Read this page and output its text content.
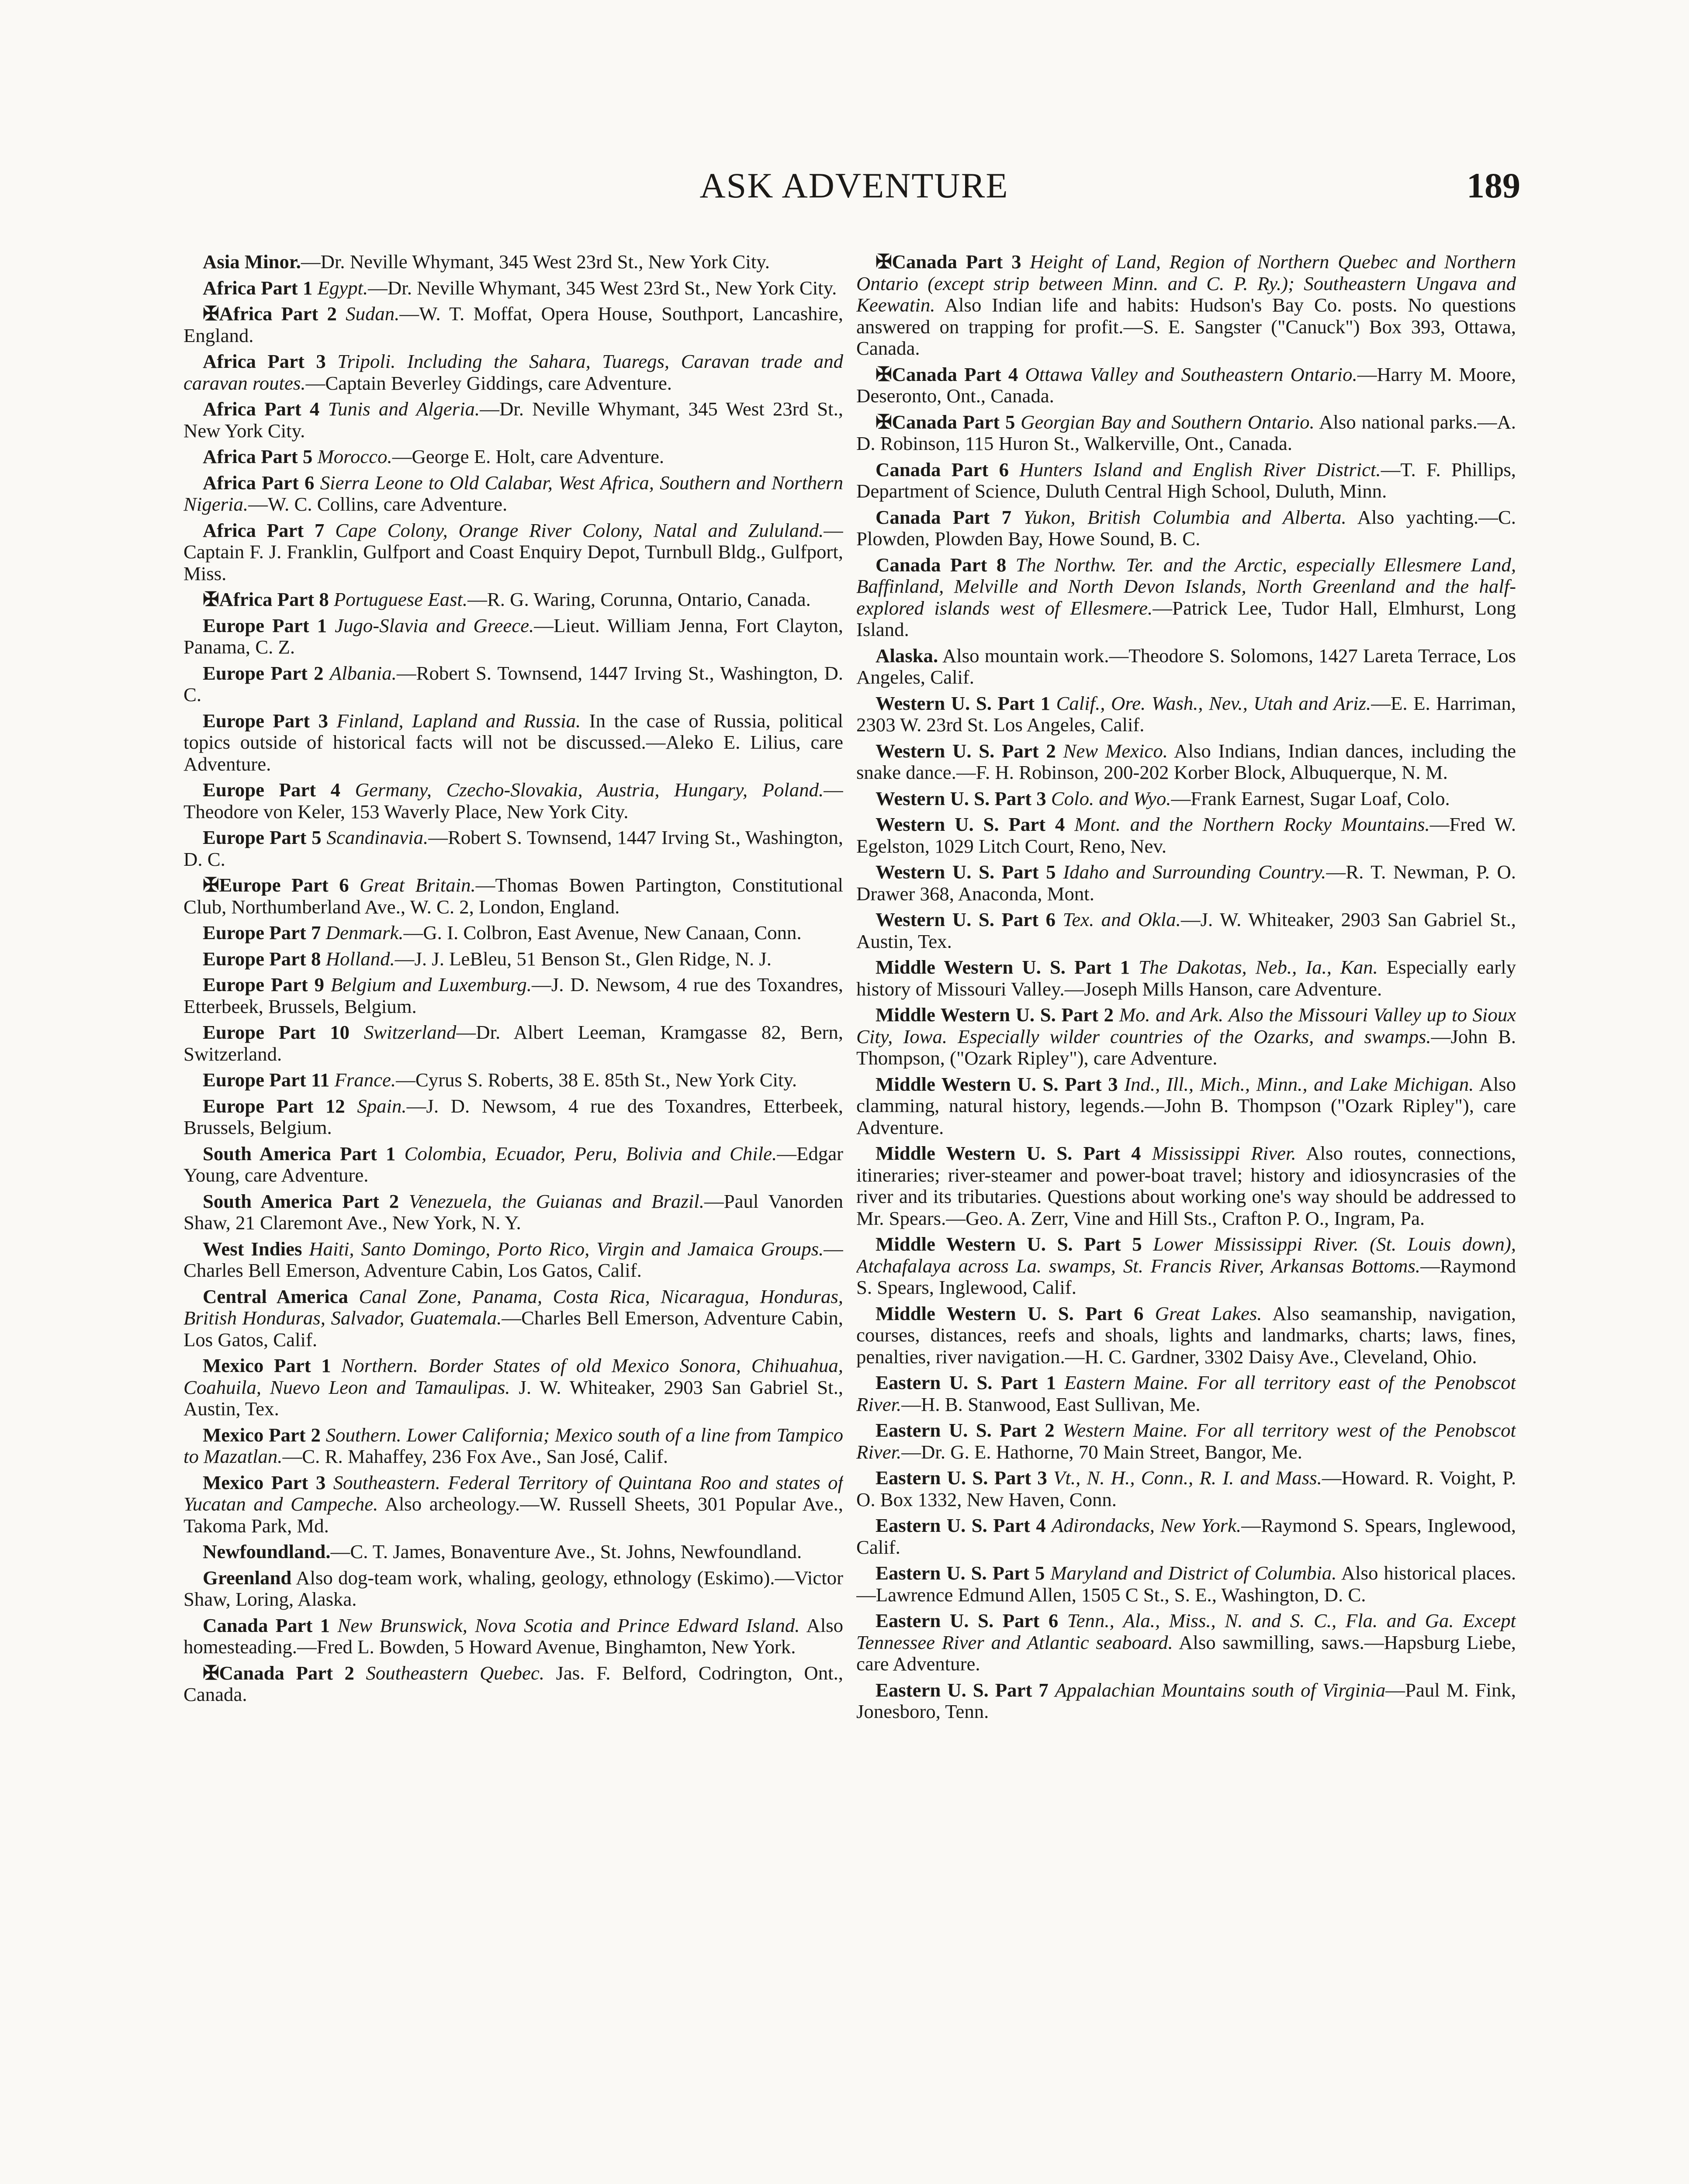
ASK ADVENTURE	189

Asia Minor.—Dr. Neville Whymant, 345 West 23rd St., New York City.

Africa Part 1 Egypt.—Dr. Neville Whymant, 345 West 23rd St., New York City.

✠Africa Part 2 Sudan.—W. T. Moffat, Opera House, Southport, Lancashire, England.

Africa Part 3 Tripoli. Including the Sahara, Tuaregs, Caravan trade and caravan routes.—Captain Beverley Giddings, care Adventure.

Africa Part 4 Tunis and Algeria.—Dr. Neville Whymant, 345 West 23rd St., New York City.

Africa Part 5 Morocco.—George E. Holt, care Adventure.

Africa Part 6 Sierra Leone to Old Calabar, West Africa, Southern and Northern Nigeria.—W. C. Collins, care Adventure.

Africa Part 7 Cape Colony, Orange River Colony, Natal and Zululand.—Captain F. J. Franklin, Gulfport and Coast Enquiry Depot, Turnbull Bldg., Gulfport, Miss.

✠Africa Part 8 Portuguese East.—R. G. Waring, Corunna, Ontario, Canada.

Europe Part 1 Jugo-Slavia and Greece.—Lieut. William Jenna, Fort Clayton, Panama, C. Z.

Europe Part 2 Albania.—Robert S. Townsend, 1447 Irving St., Washington, D. C.

Europe Part 3 Finland, Lapland and Russia. In the case of Russia, political topics outside of historical facts will not be discussed.—Aleko E. Lilius, care Adventure.

Europe Part 4 Germany, Czecho-Slovakia, Austria, Hungary, Poland.—Theodore von Keler, 153 Waverly Place, New York City.

Europe Part 5 Scandinavia.—Robert S. Townsend, 1447 Irving St., Washington, D. C.

✠Europe Part 6 Great Britain.—Thomas Bowen Partington, Constitutional Club, Northumberland Ave., W. C. 2, London, England.

Europe Part 7 Denmark.—G. I. Colbron, East Avenue, New Canaan, Conn.

Europe Part 8 Holland.—J. J. LeBleu, 51 Benson St., Glen Ridge, N. J.

Europe Part 9 Belgium and Luxemburg.—J. D. Newsom, 4 rue des Toxandres, Etterbeek, Brussels, Belgium.

Europe Part 10 Switzerland—Dr. Albert Leeman, Kramgasse 82, Bern, Switzerland.

Europe Part 11 France.—Cyrus S. Roberts, 38 E. 85th St., New York City.

Europe Part 12 Spain.—J. D. Newsom, 4 rue des Toxandres, Etterbeek, Brussels, Belgium.

South America Part 1 Colombia, Ecuador, Peru, Bolivia and Chile.—Edgar Young, care Adventure.

South America Part 2 Venezuela, the Guianas and Brazil.—Paul Vanorden Shaw, 21 Claremont Ave., New York, N. Y.

West Indies Haiti, Santo Domingo, Porto Rico, Virgin and Jamaica Groups.—Charles Bell Emerson, Adventure Cabin, Los Gatos, Calif.

Central America Canal Zone, Panama, Costa Rica, Nicaragua, Honduras, British Honduras, Salvador, Guatemala.—Charles Bell Emerson, Adventure Cabin, Los Gatos, Calif.

Mexico Part 1 Northern. Border States of old Mexico Sonora, Chihuahua, Coahuila, Nuevo Leon and Tamaulipas. J. W. Whiteaker, 2903 San Gabriel St., Austin, Tex.

Mexico Part 2 Southern. Lower California; Mexico south of a line from Tampico to Mazatlan.—C. R. Mahaffey, 236 Fox Ave., San José, Calif.

Mexico Part 3 Southeastern. Federal Territory of Quintana Roo and states of Yucatan and Campeche. Also archeology.—W. Russell Sheets, 301 Popular Ave., Takoma Park, Md.

Newfoundland.—C. T. James, Bonaventure Ave., St. Johns, Newfoundland.

Greenland Also dog-team work, whaling, geology, ethnology (Eskimo).—Victor Shaw, Loring, Alaska.

Canada Part 1 New Brunswick, Nova Scotia and Prince Edward Island. Also homesteading.—Fred L. Bowden, 5 Howard Avenue, Binghamton, New York.

✠Canada Part 2 Southeastern Quebec. Jas. F. Belford, Codrington, Ont., Canada.

✠Canada Part 3 Height of Land, Region of Northern Quebec and Northern Ontario (except strip between Minn. and C. P. Ry.); Southeastern Ungava and Keewatin. Also Indian life and habits: Hudson's Bay Co. posts. No questions answered on trapping for profit.—S. E. Sangster ("Canuck") Box 393, Ottawa, Canada.

✠Canada Part 4 Ottawa Valley and Southeastern Ontario.—Harry M. Moore, Deseronto, Ont., Canada.

✠Canada Part 5 Georgian Bay and Southern Ontario. Also national parks.—A. D. Robinson, 115 Huron St., Walkerville, Ont., Canada.

Canada Part 6 Hunters Island and English River District.—T. F. Phillips, Department of Science, Duluth Central High School, Duluth, Minn.

Canada Part 7 Yukon, British Columbia and Alberta. Also yachting.—C. Plowden, Plowden Bay, Howe Sound, B. C.

Canada Part 8 The Northw. Ter. and the Arctic, especially Ellesmere Land, Baffinland, Melville and North Devon Islands, North Greenland and the half-explored islands west of Ellesmere.—Patrick Lee, Tudor Hall, Elmhurst, Long Island.

Alaska. Also mountain work.—Theodore S. Solomons, 1427 Lareta Terrace, Los Angeles, Calif.

Western U. S. Part 1 Calif., Ore. Wash., Nev., Utah and Ariz.—E. E. Harriman, 2303 W. 23rd St. Los Angeles, Calif.

Western U. S. Part 2 New Mexico. Also Indians, Indian dances, including the snake dance.—F. H. Robinson, 200-202 Korber Block, Albuquerque, N. M.

Western U. S. Part 3 Colo. and Wyo.—Frank Earnest, Sugar Loaf, Colo.

Western U. S. Part 4 Mont. and the Northern Rocky Mountains.—Fred W. Egelston, 1029 Litch Court, Reno, Nev.

Western U. S. Part 5 Idaho and Surrounding Country.—R. T. Newman, P. O. Drawer 368, Anaconda, Mont.

Western U. S. Part 6 Tex. and Okla.—J. W. Whiteaker, 2903 San Gabriel St., Austin, Tex.

Middle Western U. S. Part 1 The Dakotas, Neb., Ia., Kan. Especially early history of Missouri Valley.—Joseph Mills Hanson, care Adventure.

Middle Western U. S. Part 2 Mo. and Ark. Also the Missouri Valley up to Sioux City, Iowa. Especially wilder countries of the Ozarks, and swamps.—John B. Thompson, ("Ozark Ripley"), care Adventure.

Middle Western U. S. Part 3 Ind., Ill., Mich., Minn., and Lake Michigan. Also clamming, natural history, legends.—John B. Thompson ("Ozark Ripley"), care Adventure.

Middle Western U. S. Part 4 Mississippi River. Also routes, connections, itineraries; river-steamer and power-boat travel; history and idiosyncrasies of the river and its tributaries. Questions about working one's way should be addressed to Mr. Spears.—Geo. A. Zerr, Vine and Hill Sts., Crafton P. O., Ingram, Pa.

Middle Western U. S. Part 5 Lower Mississippi River. (St. Louis down), Atchafalaya across La. swamps, St. Francis River, Arkansas Bottoms.—Raymond S. Spears, Inglewood, Calif.

Middle Western U. S. Part 6 Great Lakes. Also seamanship, navigation, courses, distances, reefs and shoals, lights and landmarks, charts; laws, fines, penalties, river navigation.—H. C. Gardner, 3302 Daisy Ave., Cleveland, Ohio.

Eastern U. S. Part 1 Eastern Maine. For all territory east of the Penobscot River.—H. B. Stanwood, East Sullivan, Me.

Eastern U. S. Part 2 Western Maine. For all territory west of the Penobscot River.—Dr. G. E. Hathorne, 70 Main Street, Bangor, Me.

Eastern U. S. Part 3 Vt., N. H., Conn., R. I. and Mass.—Howard. R. Voight, P. O. Box 1332, New Haven, Conn.

Eastern U. S. Part 4 Adirondacks, New York.—Raymond S. Spears, Inglewood, Calif.

Eastern U. S. Part 5 Maryland and District of Columbia. Also historical places.—Lawrence Edmund Allen, 1505 C St., S. E., Washington, D. C.

Eastern U. S. Part 6 Tenn., Ala., Miss., N. and S. C., Fla. and Ga. Except Tennessee River and Atlantic seaboard. Also sawmilling, saws.—Hapsburg Liebe, care Adventure.

Eastern U. S. Part 7 Appalachian Mountains south of Virginia—Paul M. Fink, Jonesboro, Tenn.
